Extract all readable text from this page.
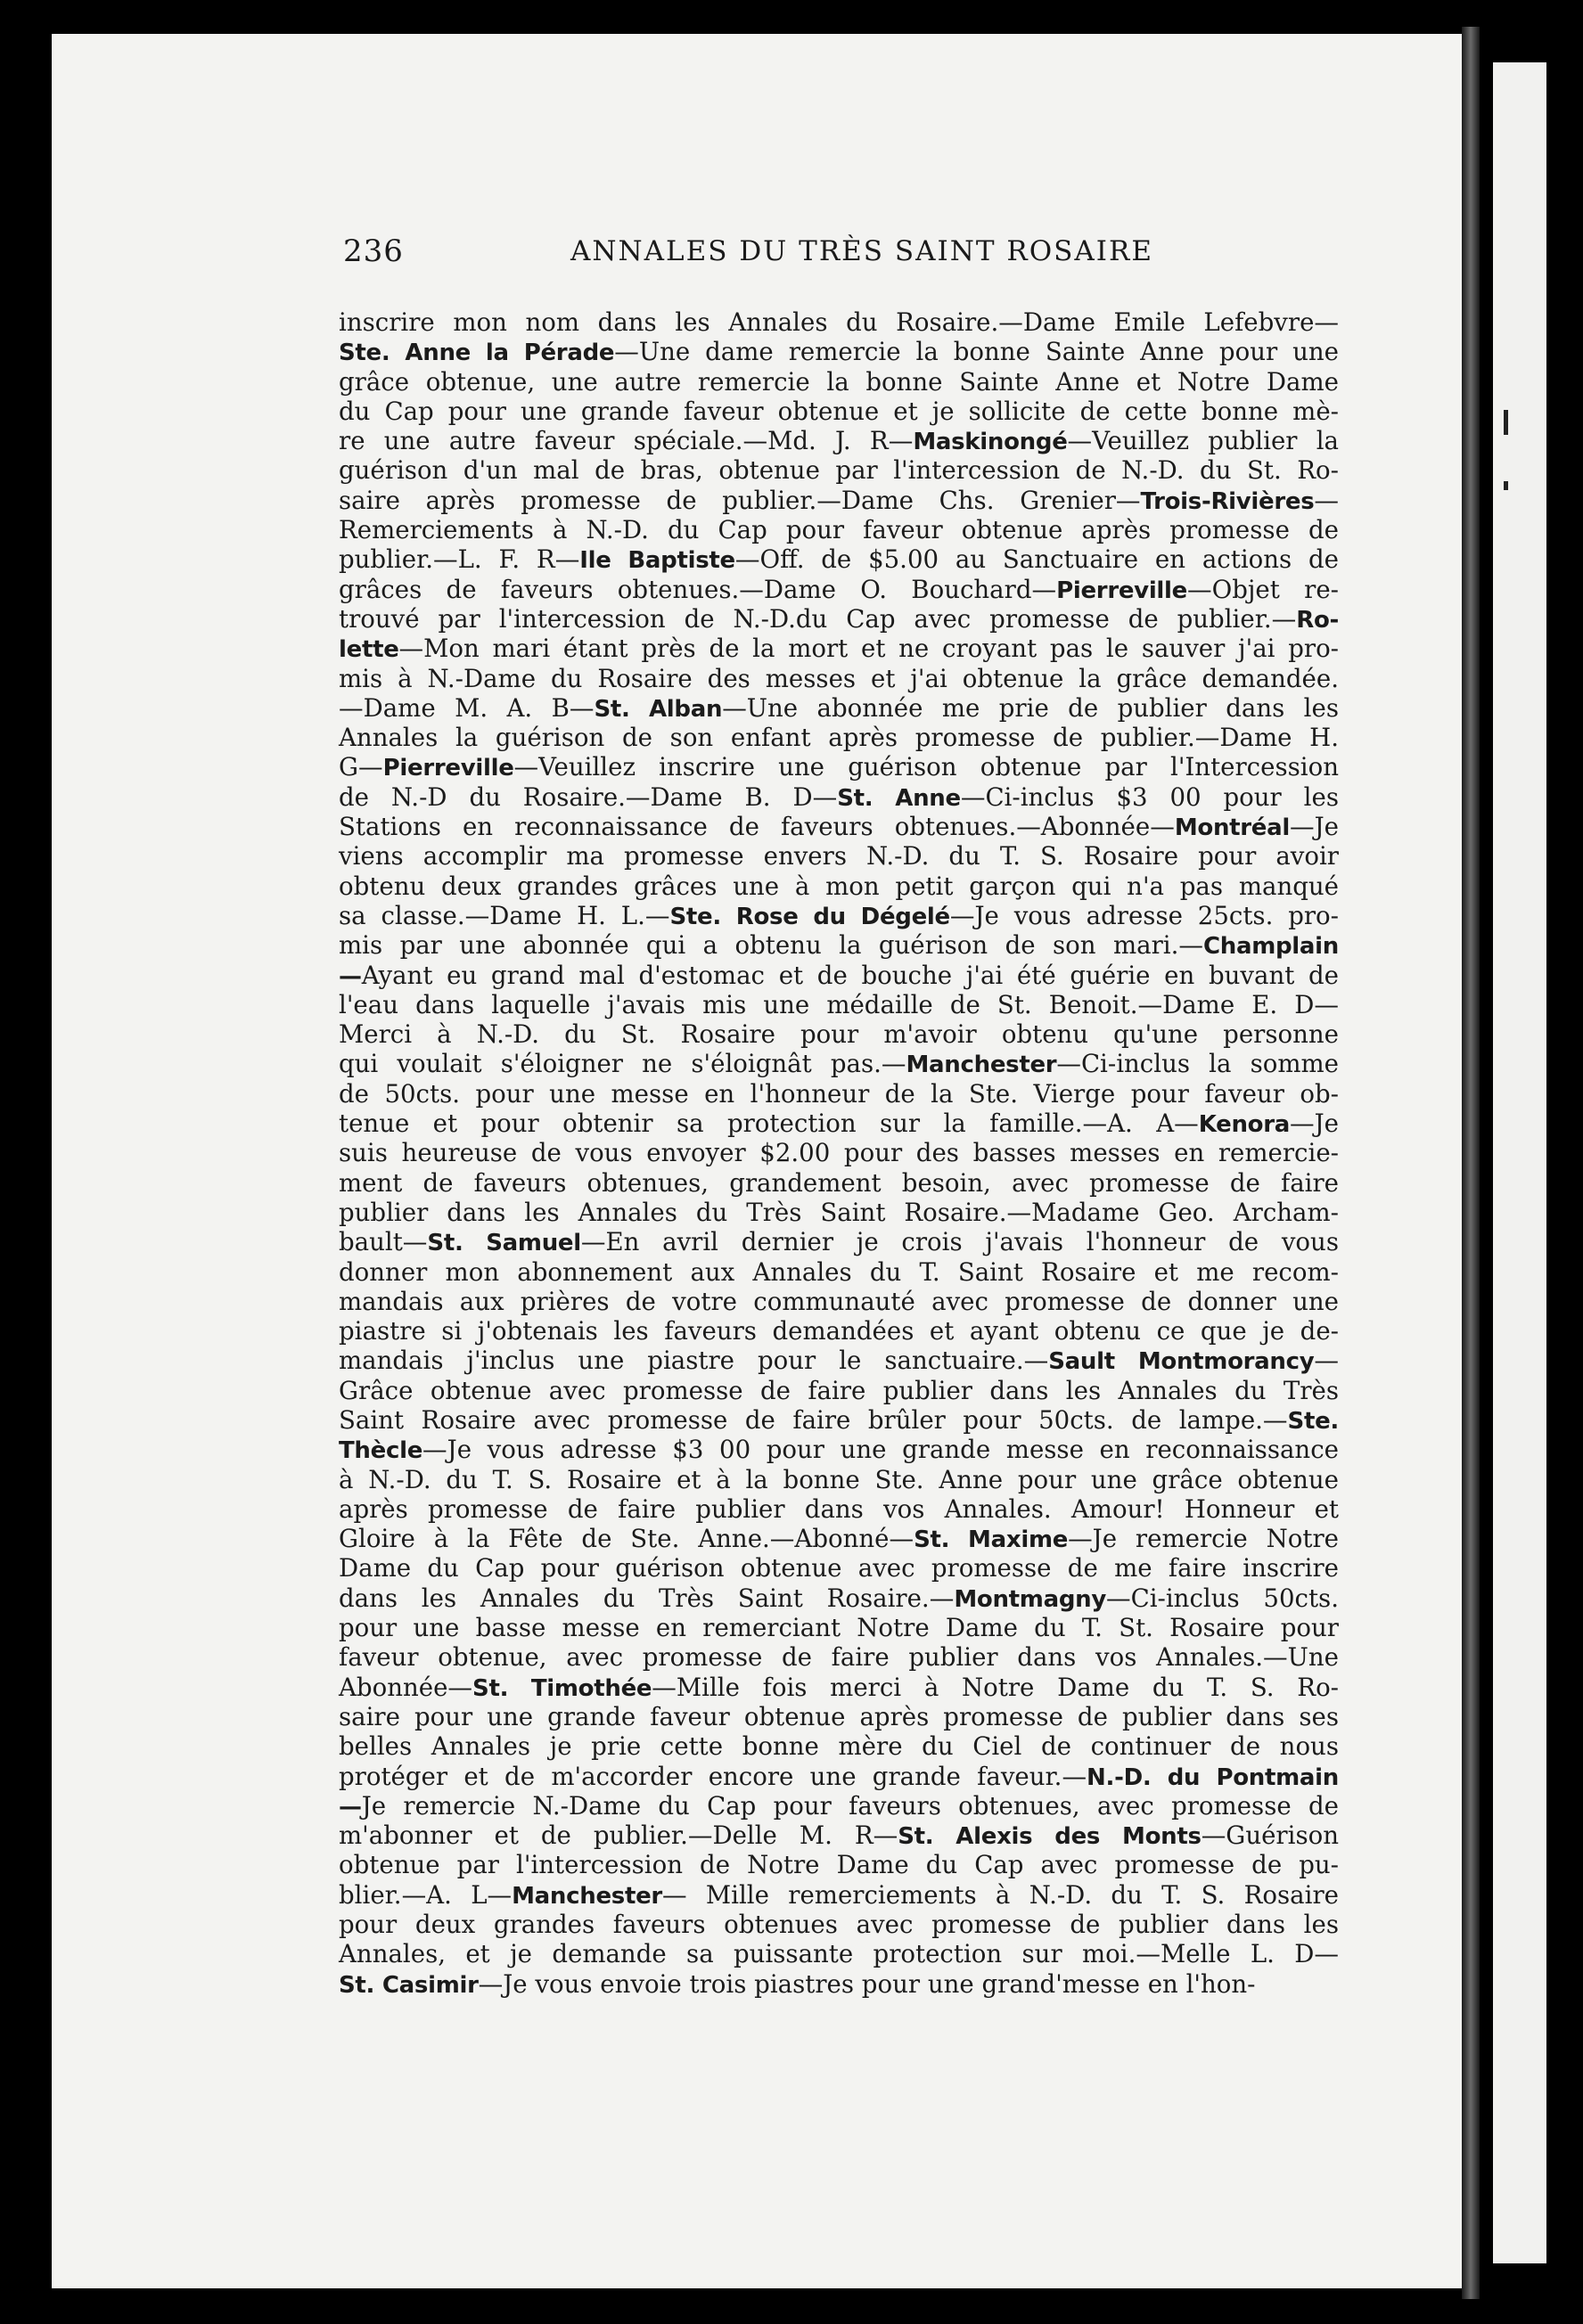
236	ANNALES DU TRÈS SAINT ROSAIRE
inscrire mon nom dans les Annales du Rosaire.—Dame Emile Lefebvre—
Ste. Anne la Pérade—Une dame remercie la bonne Sainte Anne pour une
grâce obtenue, une autre remercie la bonne Sainte Anne et Notre Dame
du Cap pour une grande faveur obtenue et je sollicite de cette bonne mè-
re une autre faveur spéciale.—Md. J. R—Maskinongé—Veuillez publier la
guérison d'un mal de bras, obtenue par l'intercession de N.-D. du St. Ro-
saire après promesse de publier.—Dame Chs. Grenier—Trois-Rivières—
Remerciements à N.-D. du Cap pour faveur obtenue après promesse de
publier.—L. F. R—Ile Baptiste—Off. de $5.00 au Sanctuaire en actions de
grâces de faveurs obtenues.—Dame O. Bouchard—Pierreville—Objet re-
trouvé par l'intercession de N.-D.du Cap avec promesse de publier.—Ro-
lette—Mon mari étant près de la mort et ne croyant pas le sauver j'ai pro-
mis à N.-Dame du Rosaire des messes et j'ai obtenue la grâce demandée.
—Dame M. A. B—St. Alban—Une abonnée me prie de publier dans les
Annales la guérison de son enfant après promesse de publier.—Dame H.
G—Pierreville—Veuillez inscrire une guérison obtenue par l'Intercession
de N.-D du Rosaire.—Dame B. D—St. Anne—Ci-inclus $3 00 pour les
Stations en reconnaissance de faveurs obtenues.—Abonnée—Montréal—Je
viens accomplir ma promesse envers N.-D. du T. S. Rosaire pour avoir
obtenu deux grandes grâces une à mon petit garçon qui n'a pas manqué
sa classe.—Dame H. L.—Ste. Rose du Dégelé—Je vous adresse 25cts. pro-
mis par une abonnée qui a obtenu la guérison de son mari.—Champlain
—Ayant eu grand mal d'estomac et de bouche j'ai été guérie en buvant de
l'eau dans laquelle j'avais mis une médaille de St. Benoit.—Dame E. D—
Merci à N.-D. du St. Rosaire pour m'avoir obtenu qu'une personne
qui voulait s'éloigner ne s'éloignât pas.—Manchester—Ci-inclus la somme
de 50cts. pour une messe en l'honneur de la Ste. Vierge pour faveur ob-
tenue et pour obtenir sa protection sur la famille.—A. A—Kenora—Je
suis heureuse de vous envoyer $2.00 pour des basses messes en remercie-
ment de faveurs obtenues, grandement besoin, avec promesse de faire
publier dans les Annales du Très Saint Rosaire.—Madame Geo. Archam-
bault—St. Samuel—En avril dernier je crois j'avais l'honneur de vous
donner mon abonnement aux Annales du T. Saint Rosaire et me recom-
mandais aux prières de votre communauté avec promesse de donner une
piastre si j'obtenais les faveurs demandées et ayant obtenu ce que je de-
mandais j'inclus une piastre pour le sanctuaire.—Sault Montmorancy—
Grâce obtenue avec promesse de faire publier dans les Annales du Très
Saint Rosaire avec promesse de faire brûler pour 50cts. de lampe.—Ste.
Thècle—Je vous adresse $3 00 pour une grande messe en reconnaissance
à N.-D. du T. S. Rosaire et à la bonne Ste. Anne pour une grâce obtenue
après promesse de faire publier dans vos Annales. Amour! Honneur et
Gloire à la Fête de Ste. Anne.—Abonné—St. Maxime—Je remercie Notre
Dame du Cap pour guérison obtenue avec promesse de me faire inscrire
dans les Annales du Très Saint Rosaire.—Montmagny—Ci-inclus 50cts.
pour une basse messe en remerciant Notre Dame du T. St. Rosaire pour
faveur obtenue, avec promesse de faire publier dans vos Annales.—Une
Abonnée—St. Timothée—Mille fois merci à Notre Dame du T. S. Ro-
saire pour une grande faveur obtenue après promesse de publier dans ses
belles Annales je prie cette bonne mère du Ciel de continuer de nous
protéger et de m'accorder encore une grande faveur.—N.-D. du Pontmain
—Je remercie N.-Dame du Cap pour faveurs obtenues, avec promesse de
m'abonner et de publier.—Delle M. R—St. Alexis des Monts—Guérison
obtenue par l'intercession de Notre Dame du Cap avec promesse de pu-
blier.—A. L—Manchester— Mille remerciements à N.-D. du T. S. Rosaire
pour deux grandes faveurs obtenues avec promesse de publier dans les
Annales, et je demande sa puissante protection sur moi.—Melle L. D—
St. Casimir—Je vous envoie trois piastres pour une grand'messe en l'hon-
